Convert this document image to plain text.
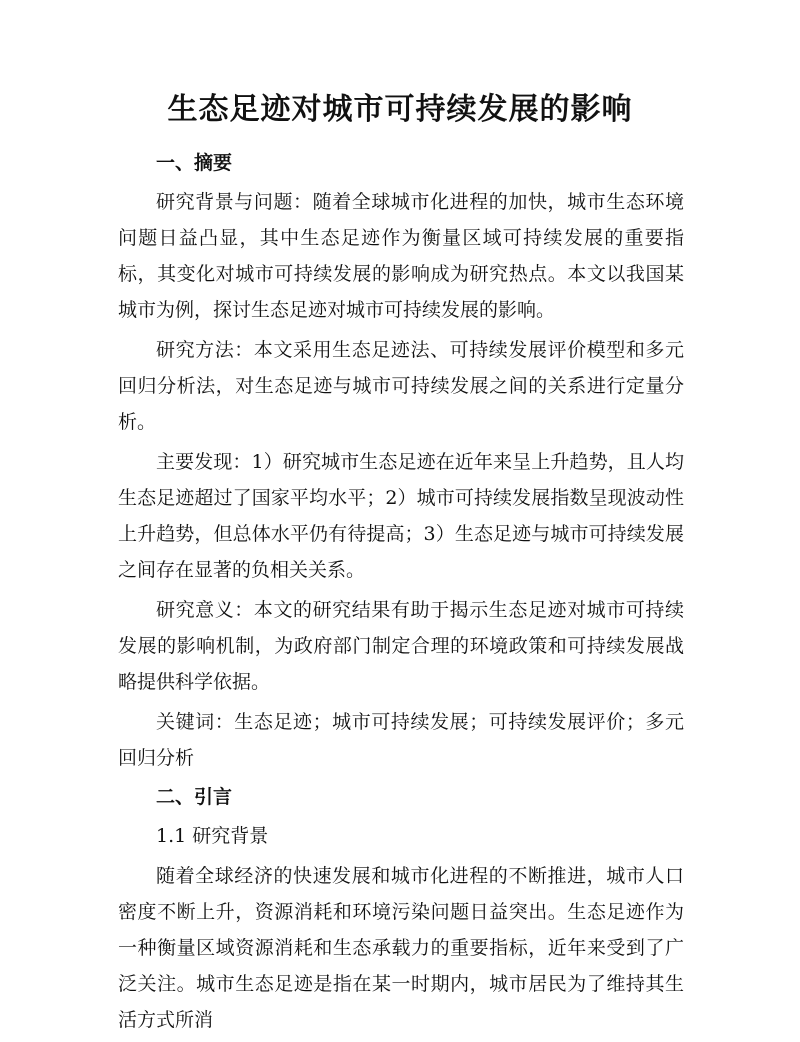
生态足迹对城市可持续发展的影响
一、摘要

研究背景与问题：随着全球城市化进程的加快，城市生态环境问题日益凸显，其中生态足迹作为衡量区域可持续发展的重要指标，其变化对城市可持续发展的影响成为研究热点。本文以我国某城市为例，探讨生态足迹对城市可持续发展的影响。

研究方法：本文采用生态足迹法、可持续发展评价模型和多元回归分析法，对生态足迹与城市可持续发展之间的关系进行定量分析。

主要发现：1）研究城市生态足迹在近年来呈上升趋势，且人均生态足迹超过了国家平均水平；2）城市可持续发展指数呈现波动性上升趋势，但总体水平仍有待提高；3）生态足迹与城市可持续发展之间存在显著的负相关关系。

研究意义：本文的研究结果有助于揭示生态足迹对城市可持续发展的影响机制，为政府部门制定合理的环境政策和可持续发展战略提供科学依据。

关键词：生态足迹；城市可持续发展；可持续发展评价；多元回归分析

二、引言
1.1 研究背景

随着全球经济的快速发展和城市化进程的不断推进，城市人口密度不断上升，资源消耗和环境污染问题日益突出。生态足迹作为一种衡量区域资源消耗和生态承载力的重要指标，近年来受到了广泛关注。城市生态足迹是指在某一时期内，城市居民为了维持其生活方式所消
